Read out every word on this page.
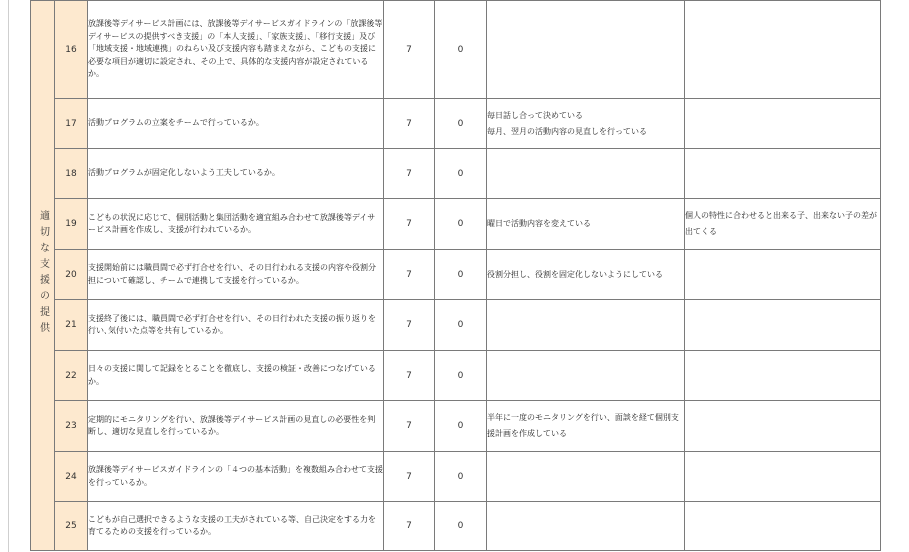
適切な支援の提供	16	放課後等デイサービス計画には、放課後等デイサービスガイドラインの「放課後等デイサービスの提供すべき支援」の「本人支援」、「家族支援」、「移行支援」及び「地域支援・地域連携」のねらい及び支援内容も踏まえながら、こどもの支援に必要な項目が適切に設定され、その上で、具体的な支援内容が設定されているか。	7	0		
	17	活動プログラムの立案をチームで行っているか。	7	0	毎日話し合って決めている
毎月、翌月の活動内容の見直しを行っている	
	18	活動プログラムが固定化しないよう工夫しているか。	7	0		
	19	こどもの状況に応じて、個別活動と集団活動を適宜組み合わせて放課後等デイサービス計画を作成し、支援が行われているか。	7	0	曜日で活動内容を変えている	個人の特性に合わせると出来る子、出来ない子の差が出てくる
	20	支援開始前には職員間で必ず打合せを行い、その日行われる支援の内容や役割分担について確認し、チームで連携して支援を行っているか。	7	0	役割分担し、役割を固定化しないようにしている	
	21	支援終了後には、職員間で必ず打合せを行い、その日行われた支援の振り返りを行い､気付いた点等を共有しているか。	7	0		
	22	日々の支援に関して記録をとることを徹底し、支援の検証・改善につなげているか。	7	0		
	23	定期的にモニタリングを行い、放課後等デイサービス計画の見直しの必要性を判断し、適切な見直しを行っているか。	7	0	半年に一度のモニタリングを行い、面談を経て個別支援計画を作成している	
	24	放課後等デイサービスガイドラインの「４つの基本活動」を複数組み合わせて支援を行っているか。	7	0		
	25	こどもが自己選択できるような支援の工夫がされている等、自己決定をする力を育てるための支援を行っているか。	7	0		
